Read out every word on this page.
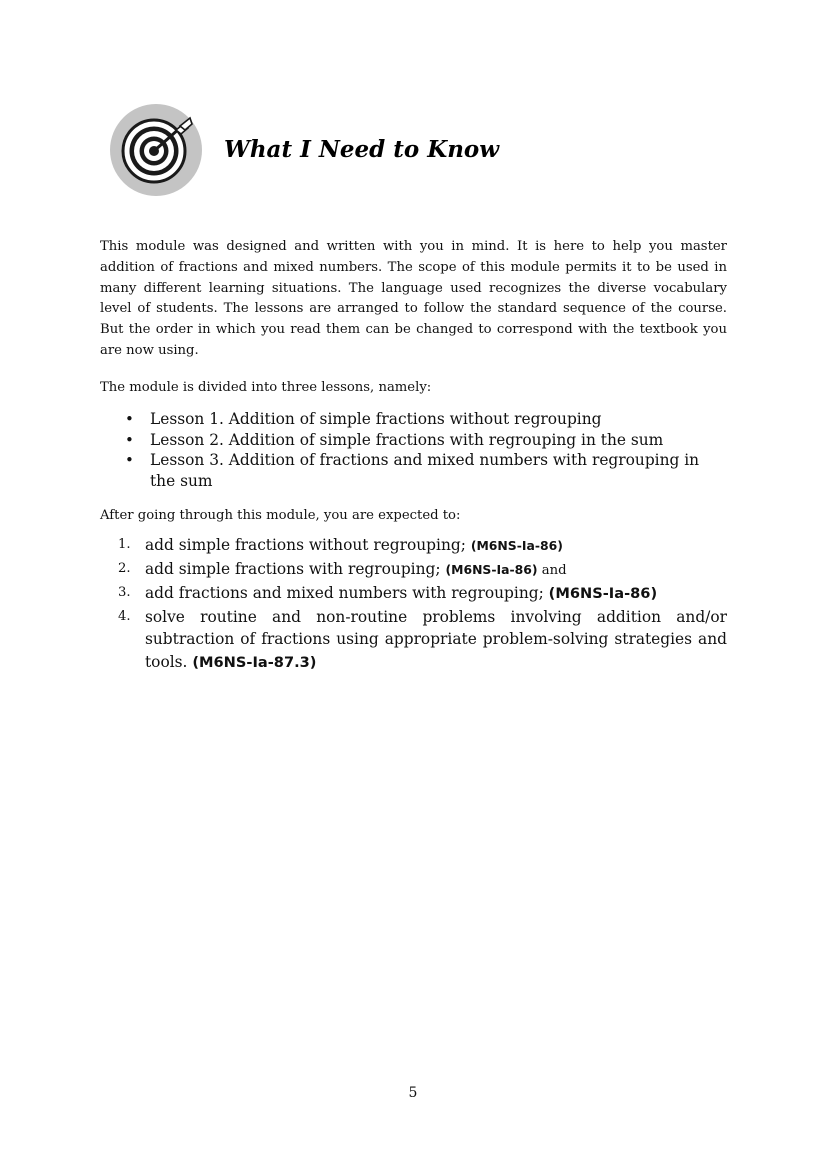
What I Need to Know

This module was designed and written with you in mind. It is here to help you master addition of fractions and mixed numbers. The scope of this module permits it to be used in many different learning situations. The language used recognizes the diverse vocabulary level of students. The lessons are arranged to follow the standard sequence of the course. But the order in which you read them can be changed to correspond with the textbook you are now using.

The module is divided into three lessons, namely:

• Lesson 1. Addition of simple fractions without regrouping
• Lesson 2. Addition of simple fractions with regrouping in the sum
• Lesson 3. Addition of fractions and mixed numbers with regrouping in the sum

After going through this module, you are expected to:

1. add simple fractions without regrouping; (M6NS-Ia-86)
2. add simple fractions with regrouping; (M6NS-Ia-86) and
3. add fractions and mixed numbers with regrouping; (M6NS-Ia-86)
4. solve routine and non-routine problems involving addition and/or subtraction of fractions using appropriate problem-solving strategies and tools. (M6NS-Ia-87.3)
5
